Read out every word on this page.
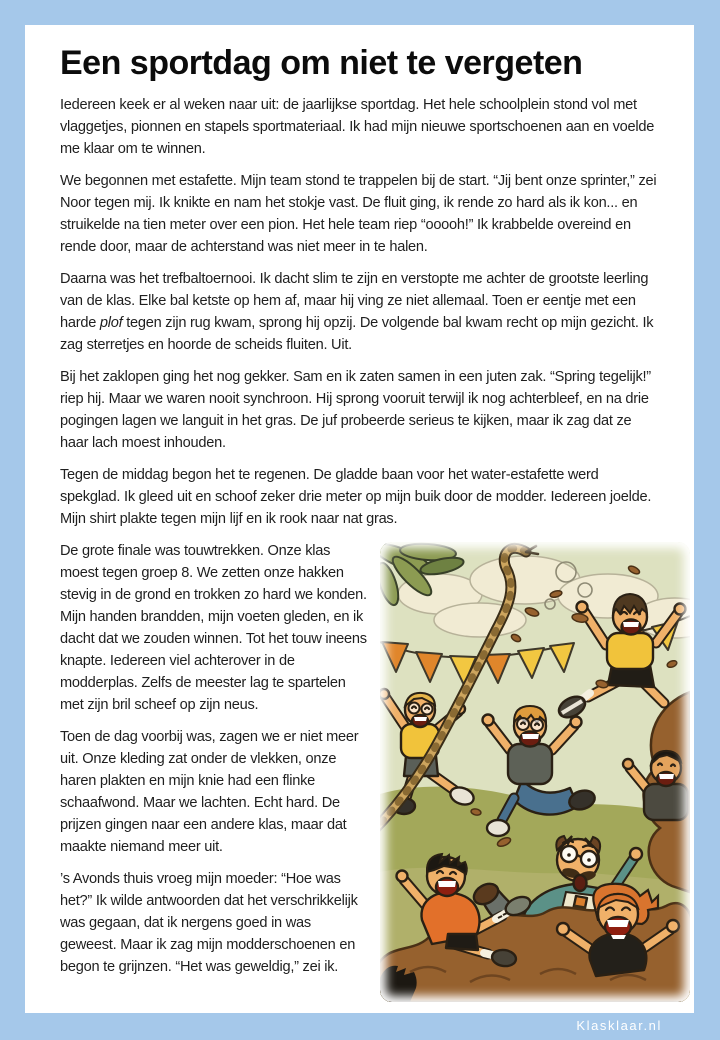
Een sportdag om niet te vergeten

Iedereen keek er al weken naar uit: de jaarlijkse sportdag. Het hele schoolplein stond vol met vlaggetjes, pionnen en stapels sportmateriaal. Ik had mijn nieuwe sportschoenen aan en voelde me klaar om te winnen.

We begonnen met estafette. Mijn team stond te trappelen bij de start. “Jij bent onze sprinter,” zei Noor tegen mij. Ik knikte en nam het stokje vast. De fluit ging, ik rende zo hard als ik kon... en struikelde na tien meter over een pion. Het hele team riep “ooooh!” Ik krabbelde overeind en rende door, maar de achterstand was niet meer in te halen.

Daarna was het trefbaltoernooi. Ik dacht slim te zijn en verstopte me achter de grootste leerling van de klas. Elke bal ketste op hem af, maar hij ving ze niet allemaal. Toen er eentje met een harde plof tegen zijn rug kwam, sprong hij opzij. De volgende bal kwam recht op mijn gezicht. Ik zag sterretjes en hoorde de scheids fluiten. Uit.

Bij het zaklopen ging het nog gekker. Sam en ik zaten samen in een juten zak. “Spring tegelijk!” riep hij. Maar we waren nooit synchroon. Hij sprong vooruit terwijl ik nog achterbleef, en na drie pogingen lagen we languit in het gras. De juf probeerde serieus te kijken, maar ik zag dat ze haar lach moest inhouden.

Tegen de middag begon het te regenen. De gladde baan voor het water-estafette werd spekglad. Ik gleed uit en schoof zeker drie meter op mijn buik door de modder. Iedereen joelde. Mijn shirt plakte tegen mijn lijf en ik rook naar nat gras.

De grote finale was touwtrekken. Onze klas moest tegen groep 8. We zetten onze hakken stevig in de grond en trokken zo hard we konden. Mijn handen brandden, mijn voeten gleden, en ik dacht dat we zouden winnen. Tot het touw ineens knapte. Iedereen viel achterover in de modderplas. Zelfs de meester lag te spartelen met zijn bril scheef op zijn neus.

Toen de dag voorbij was, zagen we er niet meer uit. Onze kleding zat onder de vlekken, onze haren plakten en mijn knie had een flinke schaafwond. Maar we lachten. Echt hard. De prijzen gingen naar een andere klas, maar dat maakte niemand meer uit.

’s Avonds thuis vroeg mijn moeder: “Hoe was het?” Ik wilde antwoorden dat het verschrikkelijk was gegaan, dat ik nergens goed in was geweest. Maar ik zag mijn modderschoenen en begon te grijnzen. “Het was geweldig,” zei ik.

Klasklaar.nl
